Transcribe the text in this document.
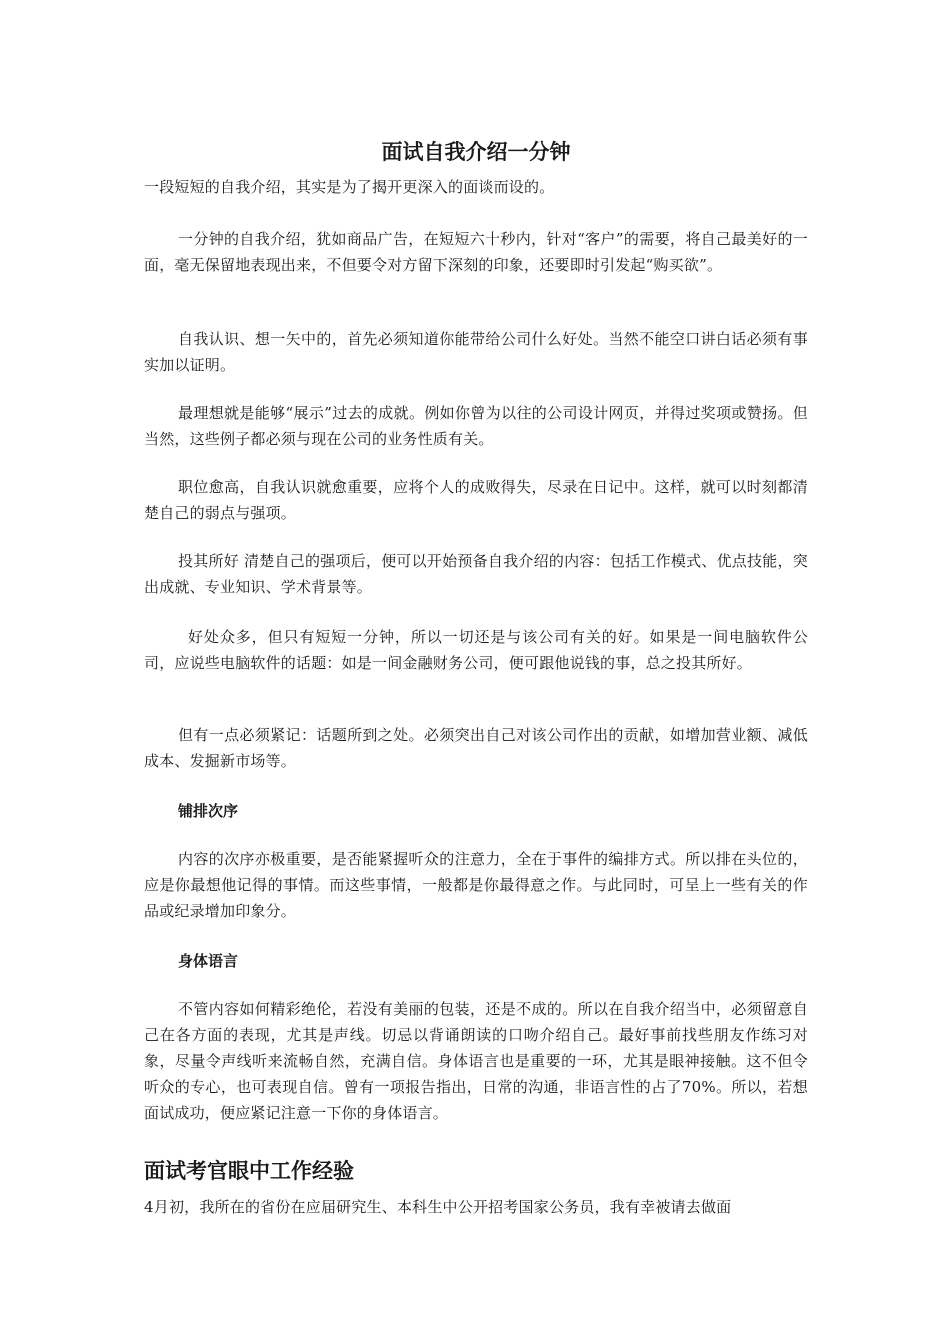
面试自我介绍一分钟

一段短短的自我介绍，其实是为了揭开更深入的面谈而设的。

一分钟的自我介绍，犹如商品广告，在短短六十秒内，针对“客户”的需要，将自己最美好的一面，毫无保留地表现出来，不但要令对方留下深刻的印象，还要即时引发起“购买欲”。

自我认识、想一矢中的，首先必须知道你能带给公司什么好处。当然不能空口讲白话必须有事实加以证明。

最理想就是能够“展示”过去的成就。例如你曾为以往的公司设计网页，并得过奖项或赞扬。但当然，这些例子都必须与现在公司的业务性质有关。

职位愈高，自我认识就愈重要，应将个人的成败得失，尽录在日记中。这样，就可以时刻都清楚自己的弱点与强项。

投其所好 清楚自己的强项后，便可以开始预备自我介绍的内容：包括工作模式、优点技能，突出成就、专业知识、学术背景等。

好处众多，但只有短短一分钟，所以一切还是与该公司有关的好。如果是一间电脑软件公司，应说些电脑软件的话题：如是一间金融财务公司，便可跟他说钱的事，总之投其所好。

但有一点必须紧记：话题所到之处。必须突出自己对该公司作出的贡献，如增加营业额、减低成本、发掘新市场等。

铺排次序

内容的次序亦极重要，是否能紧握听众的注意力，全在于事件的编排方式。所以排在头位的，应是你最想他记得的事情。而这些事情，一般都是你最得意之作。与此同时，可呈上一些有关的作品或纪录增加印象分。

身体语言

不管内容如何精彩绝伦，若没有美丽的包装，还是不成的。所以在自我介绍当中，必须留意自己在各方面的表现，尤其是声线。切忌以背诵朗读的口吻介绍自己。最好事前找些朋友作练习对象，尽量令声线听来流畅自然，充满自信。身体语言也是重要的一环，尤其是眼神接触。这不但令听众的专心，也可表现自信。曾有一项报告指出，日常的沟通，非语言性的占了70%。所以，若想面试成功，便应紧记注意一下你的身体语言。

面试考官眼中工作经验

4月初，我所在的省份在应届研究生、本科生中公开招考国家公务员，我有幸被请去做面
